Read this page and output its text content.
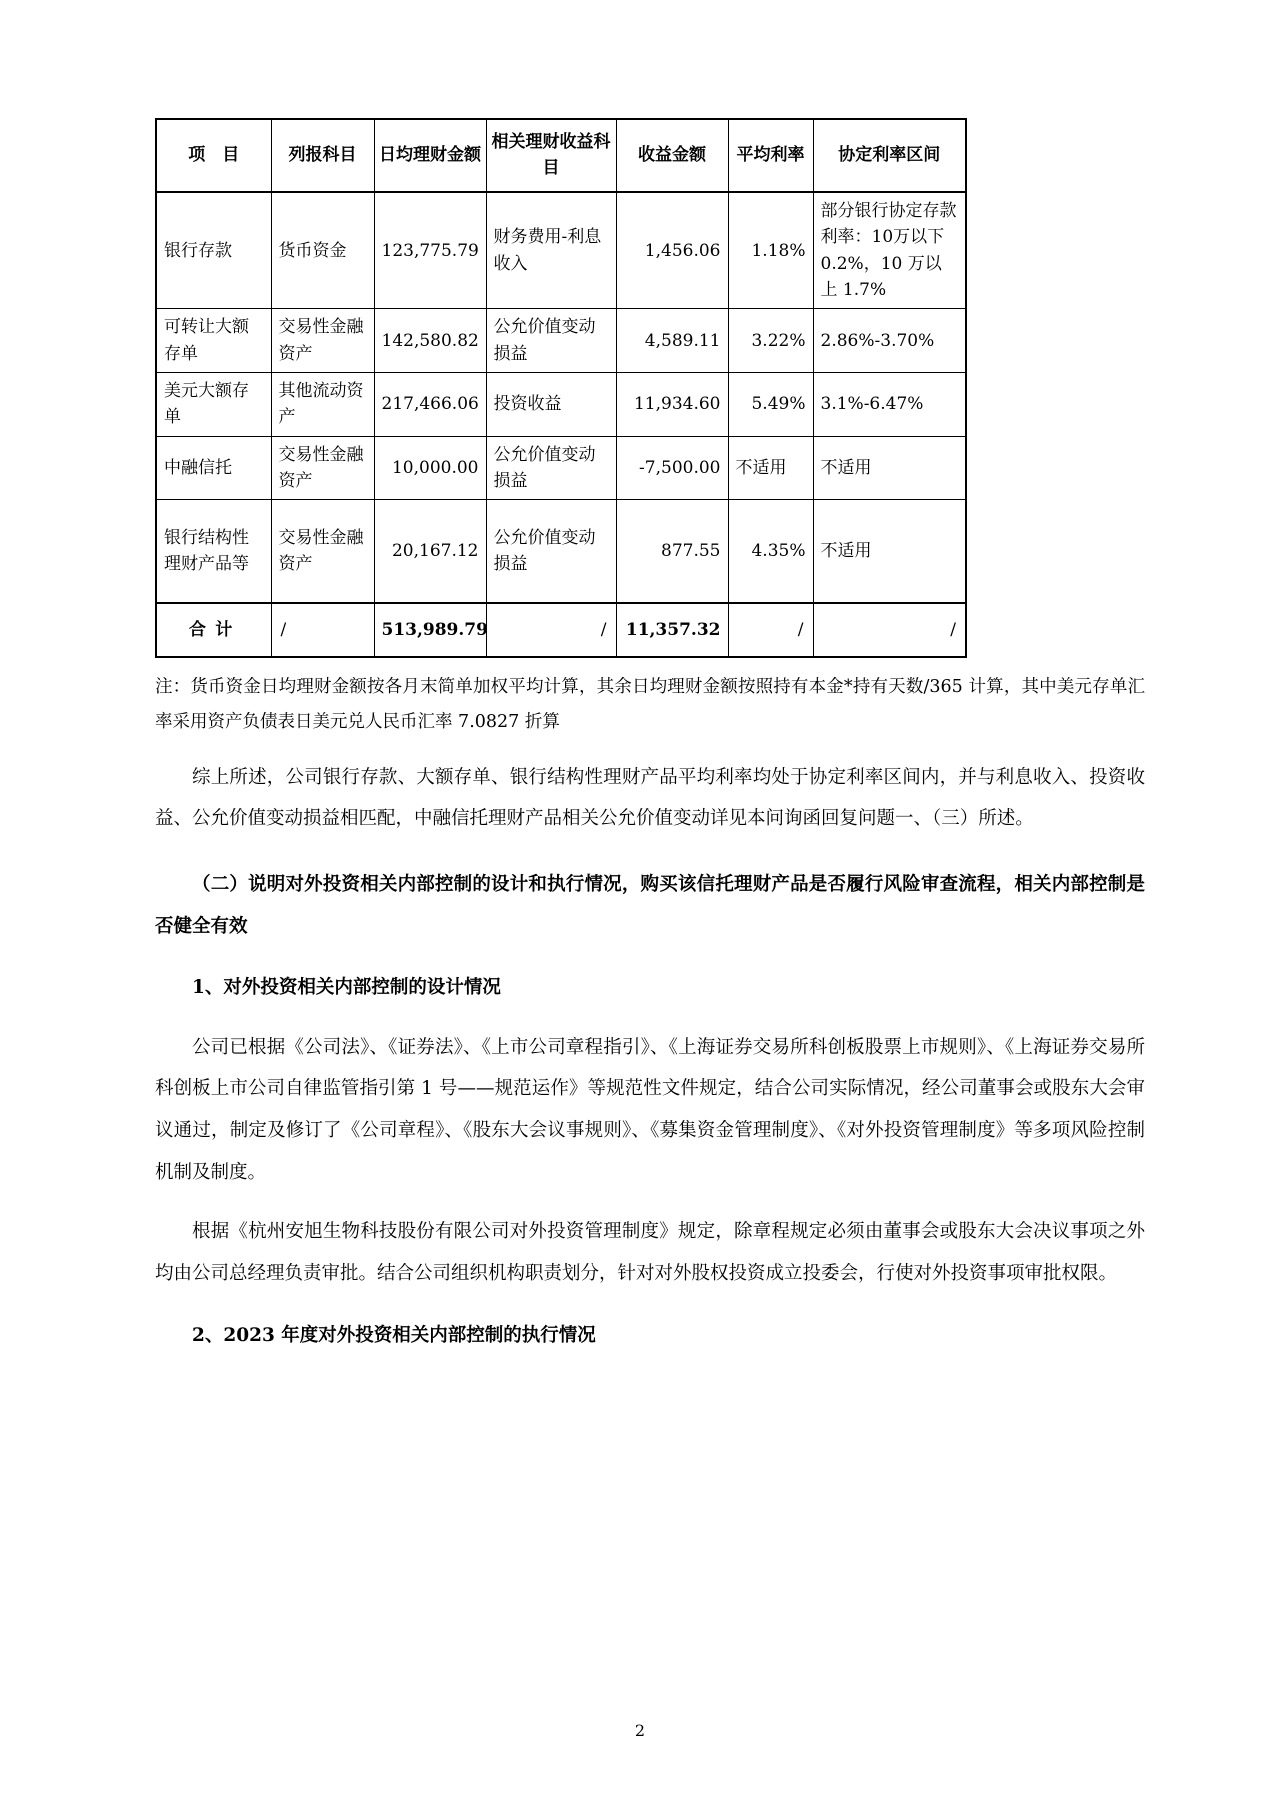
项　目	列报科目	日均理财金额	相关理财收益科目	收益金额	平均利率	协定利率区间
银行存款	货币资金	123,775.79	财务费用-利息收入	1,456.06	1.18%	部分银行协定存款利率：10万以下 0.2%，10 万以上 1.7%
可转让大额存单	交易性金融资产	142,580.82	公允价值变动损益	4,589.11	3.22%	2.86%-3.70%
美元大额存单	其他流动资产	217,466.06	投资收益	11,934.60	5.49%	3.1%-6.47%
中融信托	交易性金融资产	10,000.00	公允价值变动损益	-7,500.00	不适用	不适用
银行结构性理财产品等	交易性金融资产	20,167.12	公允价值变动损益	877.55	4.35%	不适用
合计	/	513,989.79	/	11,357.32	/	/
注：货币资金日均理财金额按各月末简单加权平均计算，其余日均理财金额按照持有本金*持有天数/365 计算，其中美元存单汇率采用资产负债表日美元兑人民币汇率 7.0827 折算

综上所述，公司银行存款、大额存单、银行结构性理财产品平均利率均处于协定利率区间内，并与利息收入、投资收益、公允价值变动损益相匹配，中融信托理财产品相关公允价值变动详见本问询函回复问题一、（三）所述。

（二）说明对外投资相关内部控制的设计和执行情况，购买该信托理财产品是否履行风险审查流程，相关内部控制是否健全有效

1、对外投资相关内部控制的设计情况

公司已根据《公司法》、《证券法》、《上市公司章程指引》、《上海证券交易所科创板股票上市规则》、《上海证券交易所科创板上市公司自律监管指引第 1 号——规范运作》等规范性文件规定，结合公司实际情况，经公司董事会或股东大会审议通过，制定及修订了《公司章程》、《股东大会议事规则》、《募集资金管理制度》、《对外投资管理制度》等多项风险控制机制及制度。

根据《杭州安旭生物科技股份有限公司对外投资管理制度》规定，除章程规定必须由董事会或股东大会决议事项之外均由公司总经理负责审批。结合公司组织机构职责划分，针对对外股权投资成立投委会，行使对外投资事项审批权限。

2、2023 年度对外投资相关内部控制的执行情况

2
